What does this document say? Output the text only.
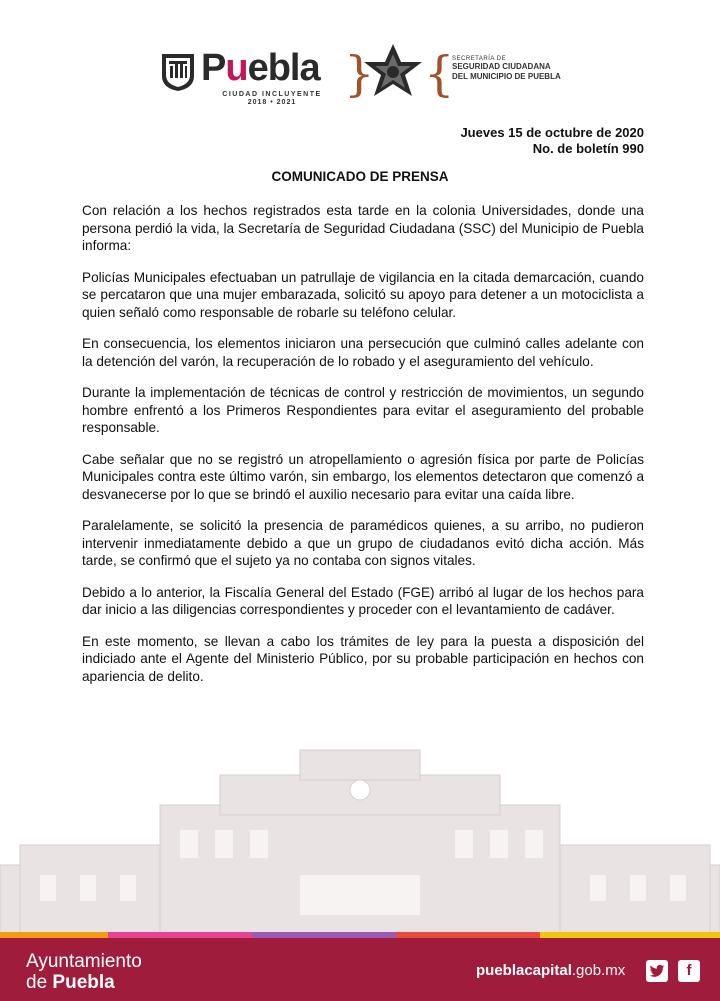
Puebla
CIUDAD INCLUYENTE
2018 • 2021
} {
SECRETARÍA DE
SEGURIDAD CIUDADANA
DEL MUNICIPIO DE PUEBLA
Jueves 15 de octubre de 2020
No. de boletín 990
COMUNICADO DE PRENSA

Con relación a los hechos registrados esta tarde en la colonia Universidades, donde una persona perdió la vida, la Secretaría de Seguridad Ciudadana (SSC) del Municipio de Puebla informa:

Policías Municipales efectuaban un patrullaje de vigilancia en la citada demarcación, cuando se percataron que una mujer embarazada, solicitó su apoyo para detener a un motociclista a quien señaló como responsable de robarle su teléfono celular.

En consecuencia, los elementos iniciaron una persecución que culminó calles adelante con la detención del varón, la recuperación de lo robado y el aseguramiento del vehículo.

Durante la implementación de técnicas de control y restricción de movimientos, un segundo hombre enfrentó a los Primeros Respondientes para evitar el aseguramiento del probable responsable.

Cabe señalar que no se registró un atropellamiento o agresión física por parte de Policías Municipales contra este último varón, sin embargo, los elementos detectaron que comenzó a desvanecerse por lo que se brindó el auxilio necesario para evitar una caída libre.

Paralelamente, se solicitó la presencia de paramédicos quienes, a su arribo, no pudieron intervenir inmediatamente debido a que un grupo de ciudadanos evitó dicha acción. Más tarde, se confirmó que el sujeto ya no contaba con signos vitales.

Debido a lo anterior, la Fiscalía General del Estado (FGE) arribó al lugar de los hechos para dar inicio a las diligencias correspondientes y proceder con el levantamiento de cadáver.

En este momento, se llevan a cabo los trámites de ley para la puesta a disposición del indiciado ante el Agente del Ministerio Público, por su probable participación en hechos con apariencia de delito.

Ayuntamiento
de Puebla
pueblacapital.gob.mx	f
